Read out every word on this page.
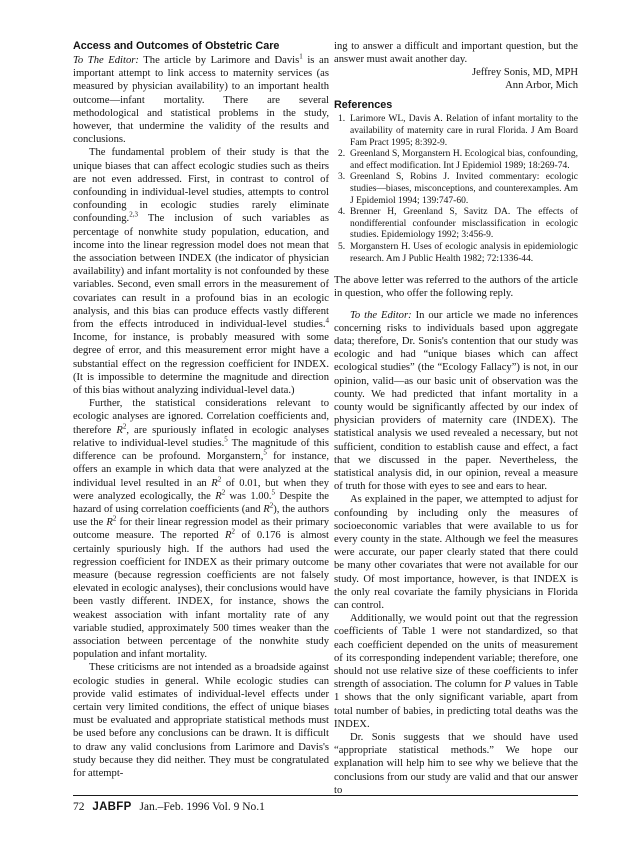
Access and Outcomes of Obstetric Care

To The Editor: The article by Larimore and Davis$^1$ is an important attempt to link access to maternity services (as measured by physician availability) to an important health outcome—infant mortality. There are several methodological and statistical problems in the study, however, that undermine the validity of the results and conclusions.

The fundamental problem of their study is that the unique biases that can affect ecologic studies such as theirs are not even addressed. First, in contrast to control of confounding in individual-level studies, attempts to control confounding in ecologic studies rarely eliminate confounding.$^{2,3}$ The inclusion of such variables as percentage of nonwhite study population, education, and income into the linear regression model does not mean that the association between INDEX (the indicator of physician availability) and infant mortality is not confounded by these variables. Second, even small errors in the measurement of covariates can result in a profound bias in an ecologic analysis, and this bias can produce effects vastly different from the effects introduced in individual-level studies.$^4$ Income, for instance, is probably measured with some degree of error, and this measurement error might have a substantial effect on the regression coefficient for INDEX. (It is impossible to determine the magnitude and direction of this bias without analyzing individual-level data.)

Further, the statistical considerations relevant to ecologic analyses are ignored. Correlation coefficients and, therefore $R^2$, are spuriously inflated in ecologic analyses relative to individual-level studies.$^5$ The magnitude of this difference can be profound. Morganstern,$^5$ for instance, offers an example in which data that were analyzed at the individual level resulted in an $R^2$ of 0.01, but when they were analyzed ecologically, the $R^2$ was 1.00.$^5$ Despite the hazard of using correlation coefficients (and $R^2$), the authors use the $R^2$ for their linear regression model as their primary outcome measure. The reported $R^2$ of 0.176 is almost certainly spuriously high. If the authors had used the regression coefficient for INDEX as their primary outcome measure (because regression coefficients are not falsely elevated in ecologic analyses), their conclusions would have been vastly different. INDEX, for instance, shows the weakest association with infant mortality rate of any variable studied, approximately 500 times weaker than the association between percentage of the nonwhite study population and infant mortality.

These criticisms are not intended as a broadside against ecologic studies in general. While ecologic studies can provide valid estimates of individual-level effects under certain very limited conditions, the effect of unique biases must be evaluated and appropriate statistical methods must be used before any conclusions can be drawn. It is difficult to draw any valid conclusions from Larimore and Davis's study because they did neither. They must be congratulated for attempt-

ing to answer a difficult and important question, but the answer must await another day.

Jeffrey Sonis, MD, MPH
Ann Arbor, Mich
References
1. Larimore WL, Davis A. Relation of infant mortality to the availability of maternity care in rural Florida. J Am Board Fam Pract 1995; 8:392-9.
2. Greenland S, Morganstern H. Ecological bias, confounding, and effect modification. Int J Epidemiol 1989; 18:269-74.
3. Greenland S, Robins J. Invited commentary: ecologic studies—biases, misconceptions, and counterexamples. Am J Epidemiol 1994; 139:747-60.
4. Brenner H, Greenland S, Savitz DA. The effects of nondifferential confounder misclassification in ecologic studies. Epidemiology 1992; 3:456-9.
5. Morganstern H. Uses of ecologic analysis in epidemiologic research. Am J Public Health 1982; 72:1336-44.

The above letter was referred to the authors of the article in question, who offer the following reply.

To the Editor: In our article we made no inferences concerning risks to individuals based upon aggregate data; therefore, Dr. Sonis's contention that our study was ecologic and had “unique biases which can affect ecological studies” (the “Ecology Fallacy”) is not, in our opinion, valid—as our basic unit of observation was the county. We had predicted that infant mortality in a county would be significantly affected by our index of physician providers of maternity care (INDEX). The statistical analysis we used revealed a necessary, but not sufficient, condition to establish cause and effect, a fact that we discussed in the paper. Nevertheless, the statistical analysis did, in our opinion, reveal a measure of truth for those with eyes to see and ears to hear.

As explained in the paper, we attempted to adjust for confounding by including only the measures of socioeconomic variables that were available to us for every county in the state. Although we feel the measures were accurate, our paper clearly stated that there could be many other covariates that were not available for our study. Of most importance, however, is that INDEX is the only real covariate the family physicians in Florida can control.

Additionally, we would point out that the regression coefficients of Table 1 were not standardized, so that each coefficient depended on the units of measurement of its corresponding independent variable; therefore, one should not use relative size of these coefficients to infer strength of association. The column for P values in Table 1 shows that the only significant variable, apart from total number of babies, in predicting total deaths was the INDEX.

Dr. Sonis suggests that we should have used “appropriate statistical methods.” We hope our explanation will help him to see why we believe that the conclusions from our study are valid and that our answer to

72 JABFP Jan.–Feb. 1996 Vol. 9 No.1
